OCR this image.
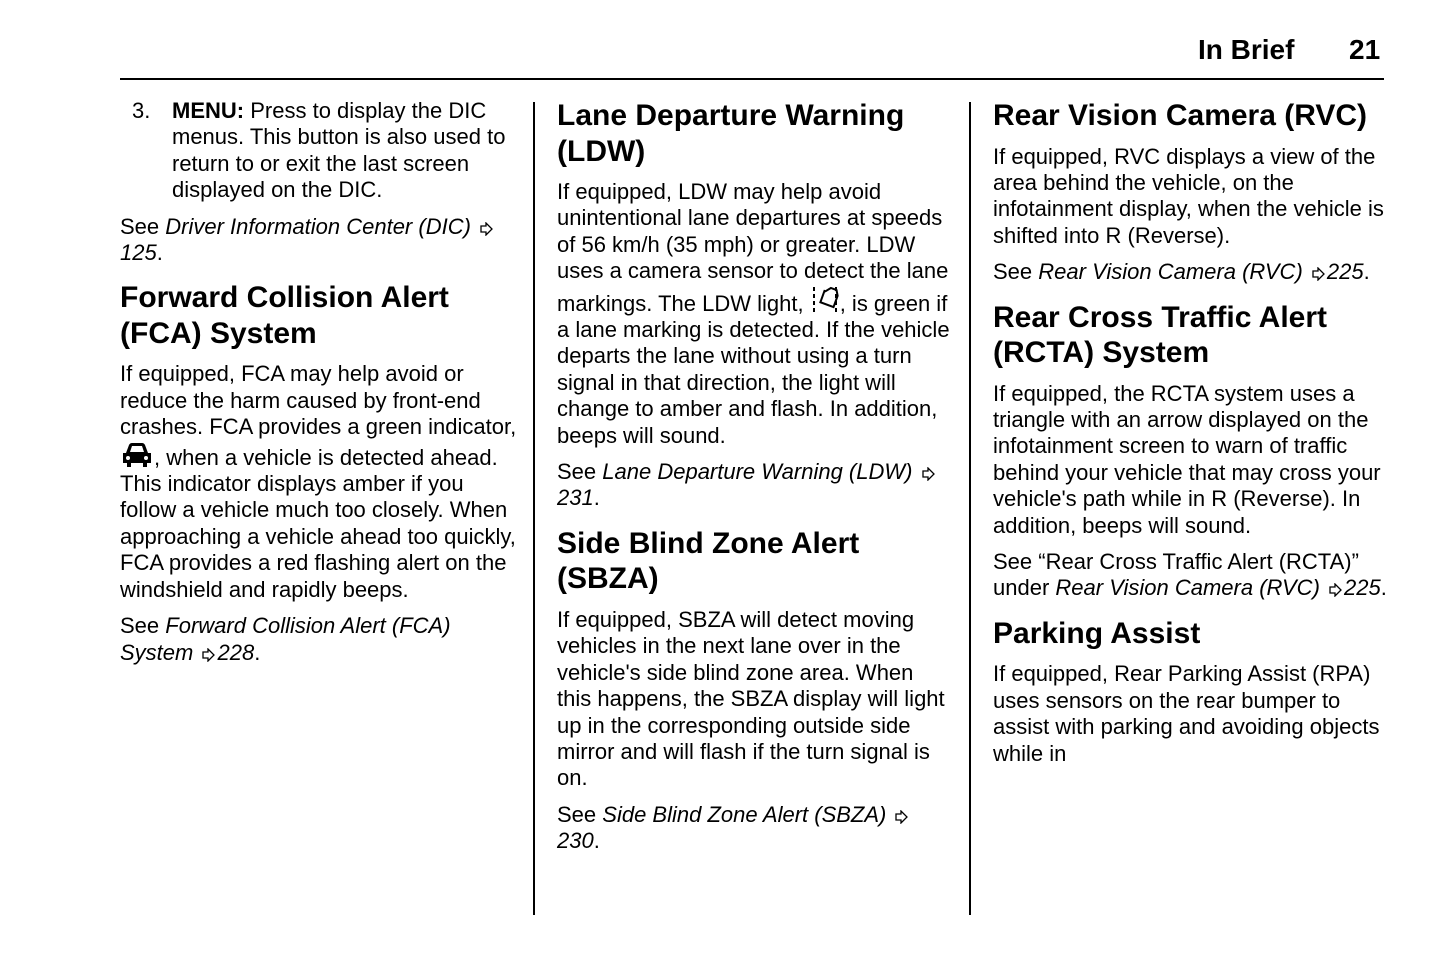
In Brief 21
3. MENU: Press to display the DIC menus. This button is also used to return to or exit the last screen displayed on the DIC.

See Driver Information Center (DIC) 125.

Forward Collision Alert (FCA) System

If equipped, FCA may help avoid or reduce the harm caused by front-end crashes. FCA provides a green indicator, , when a vehicle is detected ahead. This indicator displays amber if you follow a vehicle much too closely. When approaching a vehicle ahead too quickly, FCA provides a red flashing alert on the windshield and rapidly beeps.

See Forward Collision Alert (FCA) System 228.

Lane Departure Warning (LDW)

If equipped, LDW may help avoid unintentional lane departures at speeds of 56 km/h (35 mph) or greater. LDW uses a camera sensor to detect the lane markings. The LDW light, , is green if a lane marking is detected. If the vehicle departs the lane without using a turn signal in that direction, the light will change to amber and flash. In addition, beeps will sound.

See Lane Departure Warning (LDW) 231.

Side Blind Zone Alert (SBZA)

If equipped, SBZA will detect moving vehicles in the next lane over in the vehicle's side blind zone area. When this happens, the SBZA display will light up in the corresponding outside side mirror and will flash if the turn signal is on.

See Side Blind Zone Alert (SBZA) 230.

Rear Vision Camera (RVC)

If equipped, RVC displays a view of the area behind the vehicle, on the infotainment display, when the vehicle is shifted into R (Reverse).

See Rear Vision Camera (RVC) 225.

Rear Cross Traffic Alert (RCTA) System

If equipped, the RCTA system uses a triangle with an arrow displayed on the infotainment screen to warn of traffic behind your vehicle that may cross your vehicle's path while in R (Reverse). In addition, beeps will sound.

See “Rear Cross Traffic Alert (RCTA)” under Rear Vision Camera (RVC) 225.

Parking Assist

If equipped, Rear Parking Assist (RPA) uses sensors on the rear bumper to assist with parking and avoiding objects while in
